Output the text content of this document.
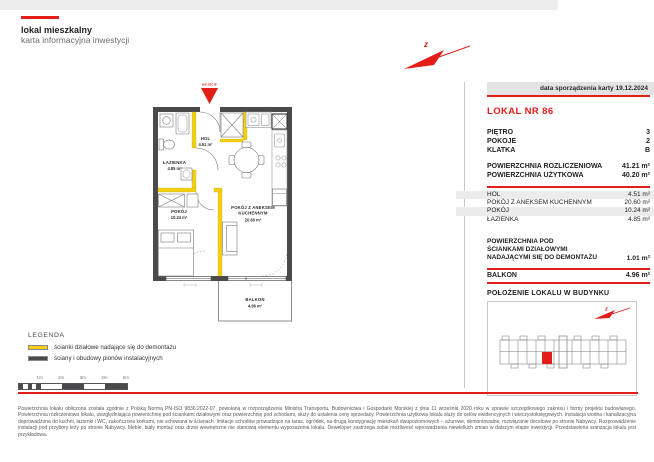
lokal mieszkalny
karta informacyjna inwestycji	z
WEJŚCIE
HOL
4.51 m²
ŁAZIENKA
4.85 m²
POKÓJ
10.24 m²
POKÓJ Z ANEKSEM
KUCHENNYM
20.60 m²
BALKON
4.96 m²
data sporządzenia karty 19.12.2024
LOKAL NR 86
PIĘTRO	3
POKOJE	2
KLATKA	B
POWIERZCHNIA ROZLICZENIOWA	41.21 m²
POWIERZCHNIA UŻYTKOWA	40.20 m²
HOL	4.51 m²
POKÓJ Z ANEKSEM KUCHENNYM	20.60 m²
POKÓJ	10.24 m²
ŁAZIENKA	4.85 m²
POWIERZCHNIA POD
ŚCIANKAMI DZIAŁOWYMI
NADAJĄCYMI SIĘ DO DEMONTAŻU	1.01 m²
BALKON	4.96 m²
POŁOŻENIE LOKALU W BUDYNKU
z
LEGENDA
ścianki działowe nadające się do demontażu
ściany i obudowy pionów instalacyjnych
1m	2m	3m	4m	5m
Powierzchnia lokalu obliczona została zgodnie z Polską Normą PN-ISO 9836:2022-07, powołaną w rozporządzeniu Ministra Transportu, Budownictwa i Gospodarki Morskiej z dnia 11 września 2020 roku w sprawie szczegółowego zakresu i formy projektu budowlanego. Powierzchnia rozliczeniowa lokalu, uwzględniająca powierzchnię pod ściankami działowymi oraz powierzchnię pod schodami, służy do ustalenia ceny sprzedaży. Powierzchnia użytkowa lokalu służy do celów ewidencyjnych i wieczystoksięgowych. Instalacja wodna i kanalizacyjna doprowadzona do kuchni, łazienki i WC, zakończona korkami, nie schowana w ścianach. Imitacje schodów prowadzące na taras, ogródek, na drugą kondygnację mieszkań dwupoziomowych – ażurowe, demontowalne, rozwiązanie docelowe po stronie Nabywcy. Rozprowadzenie instalacji pod przybory leży po stronie Nabywcy. Meble, biały montaż oraz drzwi wewnętrzne nie stanowią elementu wyposażenia lokalu. Deweloper zastrzega sobie możliwość wprowadzenia niewielkich zmian w dalszym etapie inwestycji. Przedstawiona aranżacja lokalu jest przykładowa.
